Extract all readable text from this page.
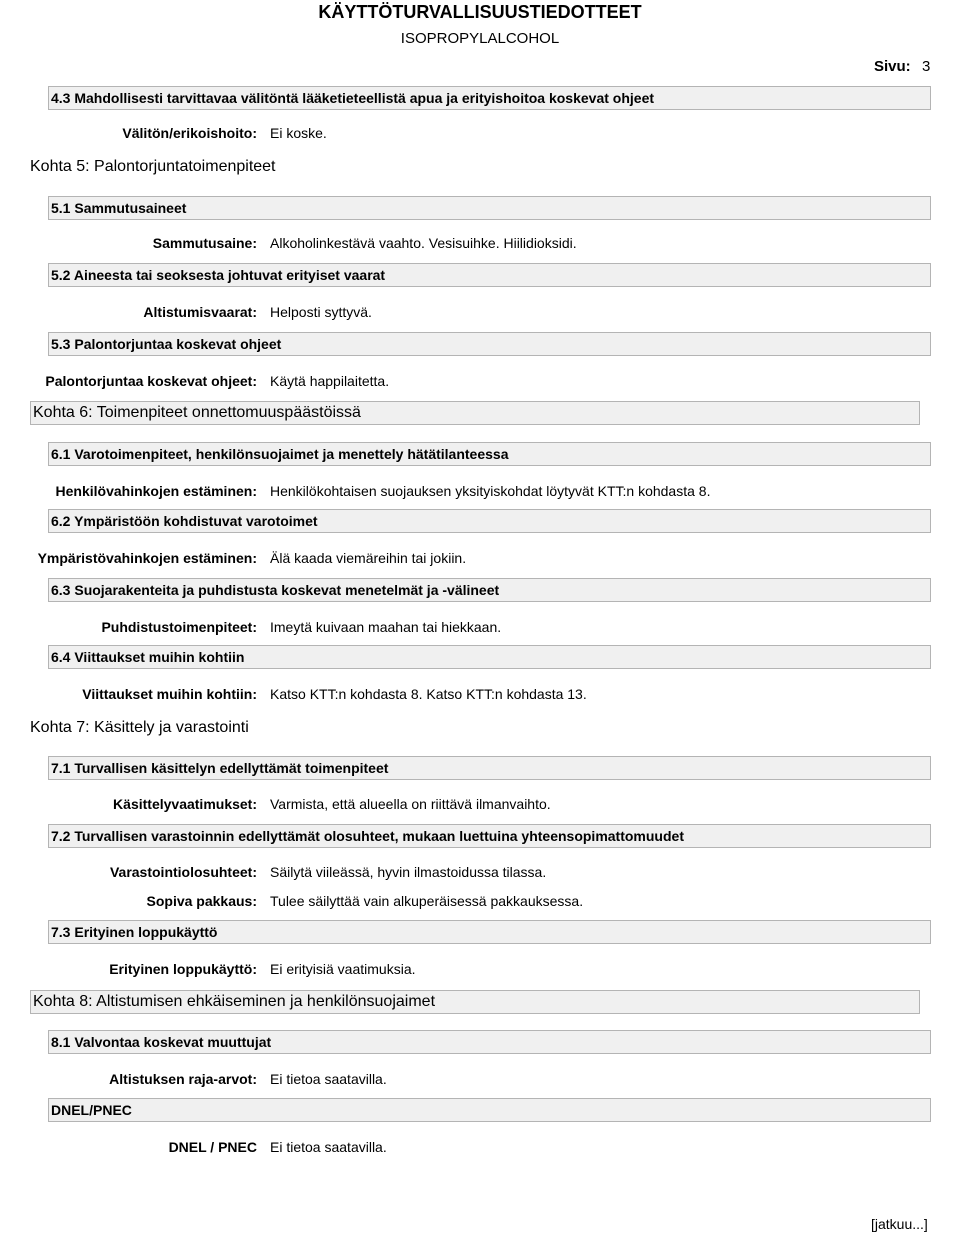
KÄYTTÖTURVALLISUUSTIEDOTTEET
ISOPROPYLALCOHOL
Sivu: 3
4.3 Mahdollisesti tarvittavaa välitöntä lääketieteellistä apua ja erityishoitoa koskevat ohjeet
Välitön/erikoishoito: Ei koske.
Kohta 5: Palontorjuntatoimenpiteet
5.1 Sammutusaineet
Sammutusaine: Alkoholinkestävä vaahto. Vesisuihke. Hiilidioksidi.
5.2 Aineesta tai seoksesta johtuvat erityiset vaarat
Altistumisvaarat: Helposti syttyvä.
5.3 Palontorjuntaa koskevat ohjeet
Palontorjuntaa koskevat ohjeet: Käytä happilaitetta.
Kohta 6: Toimenpiteet onnettomuuspäästöissä
6.1 Varotoimenpiteet, henkilönsuojaimet ja menettely hätätilanteessa
Henkilövahinkojen estäminen: Henkilökohtaisen suojauksen yksityiskohdat löytyvät KTT:n kohdasta 8.
6.2 Ympäristöön kohdistuvat varotoimet
Ympäristövahinkojen estäminen: Älä kaada viemäreihin tai jokiin.
6.3 Suojarakenteita ja puhdistusta koskevat menetelmät ja -välineet
Puhdistustoimenpiteet: Imeytä kuivaan maahan tai hiekkaan.
6.4 Viittaukset muihin kohtiin
Viittaukset muihin kohtiin: Katso KTT:n kohdasta 8. Katso KTT:n kohdasta 13.
Kohta 7: Käsittely ja varastointi
7.1 Turvallisen käsittelyn edellyttämät toimenpiteet
Käsittelyvaatimukset: Varmista, että alueella on riittävä ilmanvaihto.
7.2 Turvallisen varastoinnin edellyttämät olosuhteet, mukaan luettuina yhteensopimattomuudet
Varastointiolosuhteet: Säilytä viileässä, hyvin ilmastoidussa tilassa.
Sopiva pakkaus: Tulee säilyttää vain alkuperäisessä pakkauksessa.
7.3 Erityinen loppukäyttö
Erityinen loppukäyttö: Ei erityisiä vaatimuksia.
Kohta 8: Altistumisen ehkäiseminen ja henkilönsuojaimet
8.1 Valvontaa koskevat muuttujat
Altistuksen raja-arvot: Ei tietoa saatavilla.
DNEL/PNEC
DNEL / PNEC Ei tietoa saatavilla.
[jatkuu...]
